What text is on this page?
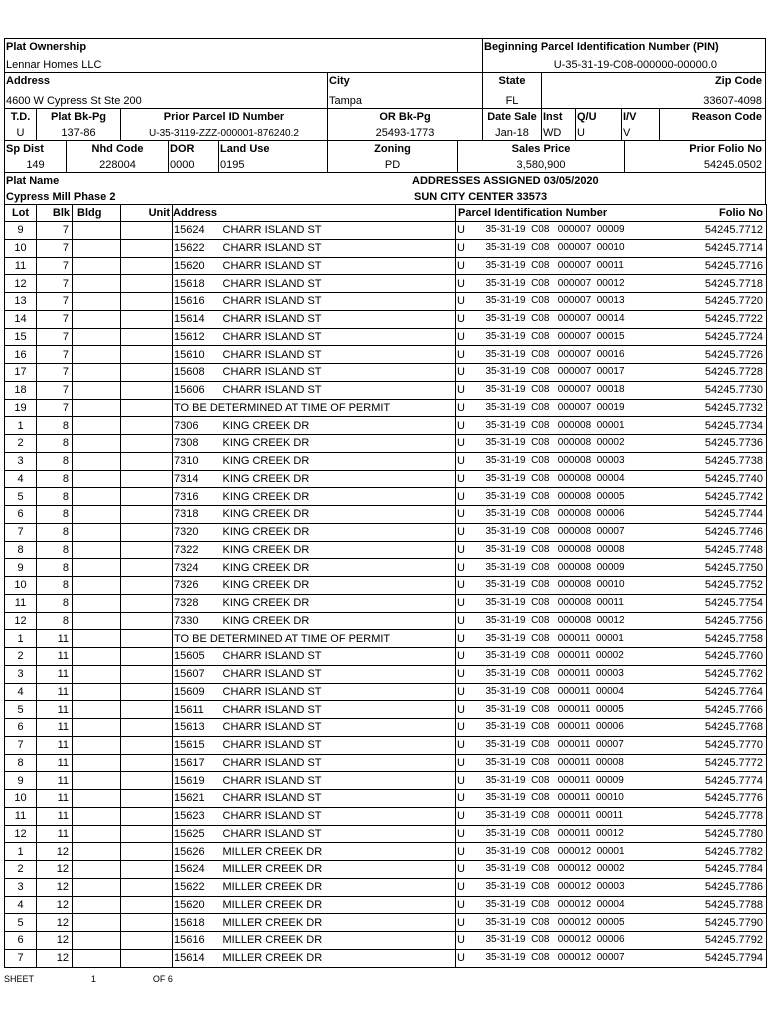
Plat Ownership
Lennar Homes LLC
Beginning Parcel Identification Number (PIN)
U-35-31-19-C08-000000-00000.0
Address
4600 W Cypress St Ste 200
City
Tampa
State
FL
Zip Code
33607-4098
T.D.
U
Plat Bk-Pg
137-86
Prior Parcel ID Number
U-35-3119-ZZZ-000001-876240.2
OR Bk-Pg
25493-1773
Date Sale
Jan-18
Inst
WD
Q/U
U
I/V
V
Reason Code
Sp Dist
149
Nhd Code
228004
DOR
0000
Land Use
0195
Zoning
PD
Sales Price
3,580,900
Prior Folio No
54245.0502
Plat Name
Cypress Mill Phase 2
ADDRESSES ASSIGNED 03/05/2020
SUN CITY CENTER 33573
Lot	Blk	Bldg	Unit	Address		Parcel Identification Number		Folio No
9	7			15624	CHARR ISLAND ST	U	35-31-19  C08   000007  00009	54245.7712
10	7			15622	CHARR ISLAND ST	U	35-31-19  C08   000007  00010	54245.7714
11	7			15620	CHARR ISLAND ST	U	35-31-19  C08   000007  00011	54245.7716
12	7			15618	CHARR ISLAND ST	U	35-31-19  C08   000007  00012	54245.7718
13	7			15616	CHARR ISLAND ST	U	35-31-19  C08   000007  00013	54245.7720
14	7			15614	CHARR ISLAND ST	U	35-31-19  C08   000007  00014	54245.7722
15	7			15612	CHARR ISLAND ST	U	35-31-19  C08   000007  00015	54245.7724
16	7			15610	CHARR ISLAND ST	U	35-31-19  C08   000007  00016	54245.7726
17	7			15608	CHARR ISLAND ST	U	35-31-19  C08   000007  00017	54245.7728
18	7			15606	CHARR ISLAND ST	U	35-31-19  C08   000007  00018	54245.7730
19	7			TO BE DETERMINED AT TIME OF PERMIT		U	35-31-19  C08   000007  00019	54245.7732
1	8			7306	KING CREEK DR	U	35-31-19  C08   000008  00001	54245.7734
2	8			7308	KING CREEK DR	U	35-31-19  C08   000008  00002	54245.7736
3	8			7310	KING CREEK DR	U	35-31-19  C08   000008  00003	54245.7738
4	8			7314	KING CREEK DR	U	35-31-19  C08   000008  00004	54245.7740
5	8			7316	KING CREEK DR	U	35-31-19  C08   000008  00005	54245.7742
6	8			7318	KING CREEK DR	U	35-31-19  C08   000008  00006	54245.7744
7	8			7320	KING CREEK DR	U	35-31-19  C08   000008  00007	54245.7746
8	8			7322	KING CREEK DR	U	35-31-19  C08   000008  00008	54245.7748
9	8			7324	KING CREEK DR	U	35-31-19  C08   000008  00009	54245.7750
10	8			7326	KING CREEK DR	U	35-31-19  C08   000008  00010	54245.7752
11	8			7328	KING CREEK DR	U	35-31-19  C08   000008  00011	54245.7754
12	8			7330	KING CREEK DR	U	35-31-19  C08   000008  00012	54245.7756
1	11			TO BE DETERMINED AT TIME OF PERMIT		U	35-31-19  C08   000011  00001	54245.7758
2	11			15605	CHARR ISLAND ST	U	35-31-19  C08   000011  00002	54245.7760
3	11			15607	CHARR ISLAND ST	U	35-31-19  C08   000011  00003	54245.7762
4	11			15609	CHARR ISLAND ST	U	35-31-19  C08   000011  00004	54245.7764
5	11			15611	CHARR ISLAND ST	U	35-31-19  C08   000011  00005	54245.7766
6	11			15613	CHARR ISLAND ST	U	35-31-19  C08   000011  00006	54245.7768
7	11			15615	CHARR ISLAND ST	U	35-31-19  C08   000011  00007	54245.7770
8	11			15617	CHARR ISLAND ST	U	35-31-19  C08   000011  00008	54245.7772
9	11			15619	CHARR ISLAND ST	U	35-31-19  C08   000011  00009	54245.7774
10	11			15621	CHARR ISLAND ST	U	35-31-19  C08   000011  00010	54245.7776
11	11			15623	CHARR ISLAND ST	U	35-31-19  C08   000011  00011	54245.7778
12	11			15625	CHARR ISLAND ST	U	35-31-19  C08   000011  00012	54245.7780
1	12			15626	MILLER CREEK DR	U	35-31-19  C08   000012  00001	54245.7782
2	12			15624	MILLER CREEK DR	U	35-31-19  C08   000012  00002	54245.7784
3	12			15622	MILLER CREEK DR	U	35-31-19  C08   000012  00003	54245.7786
4	12			15620	MILLER CREEK DR	U	35-31-19  C08   000012  00004	54245.7788
5	12			15618	MILLER CREEK DR	U	35-31-19  C08   000012  00005	54245.7790
6	12			15616	MILLER CREEK DR	U	35-31-19  C08   000012  00006	54245.7792
7	12			15614	MILLER CREEK DR	U	35-31-19  C08   000012  00007	54245.7794
SHEET	1	OF 6
